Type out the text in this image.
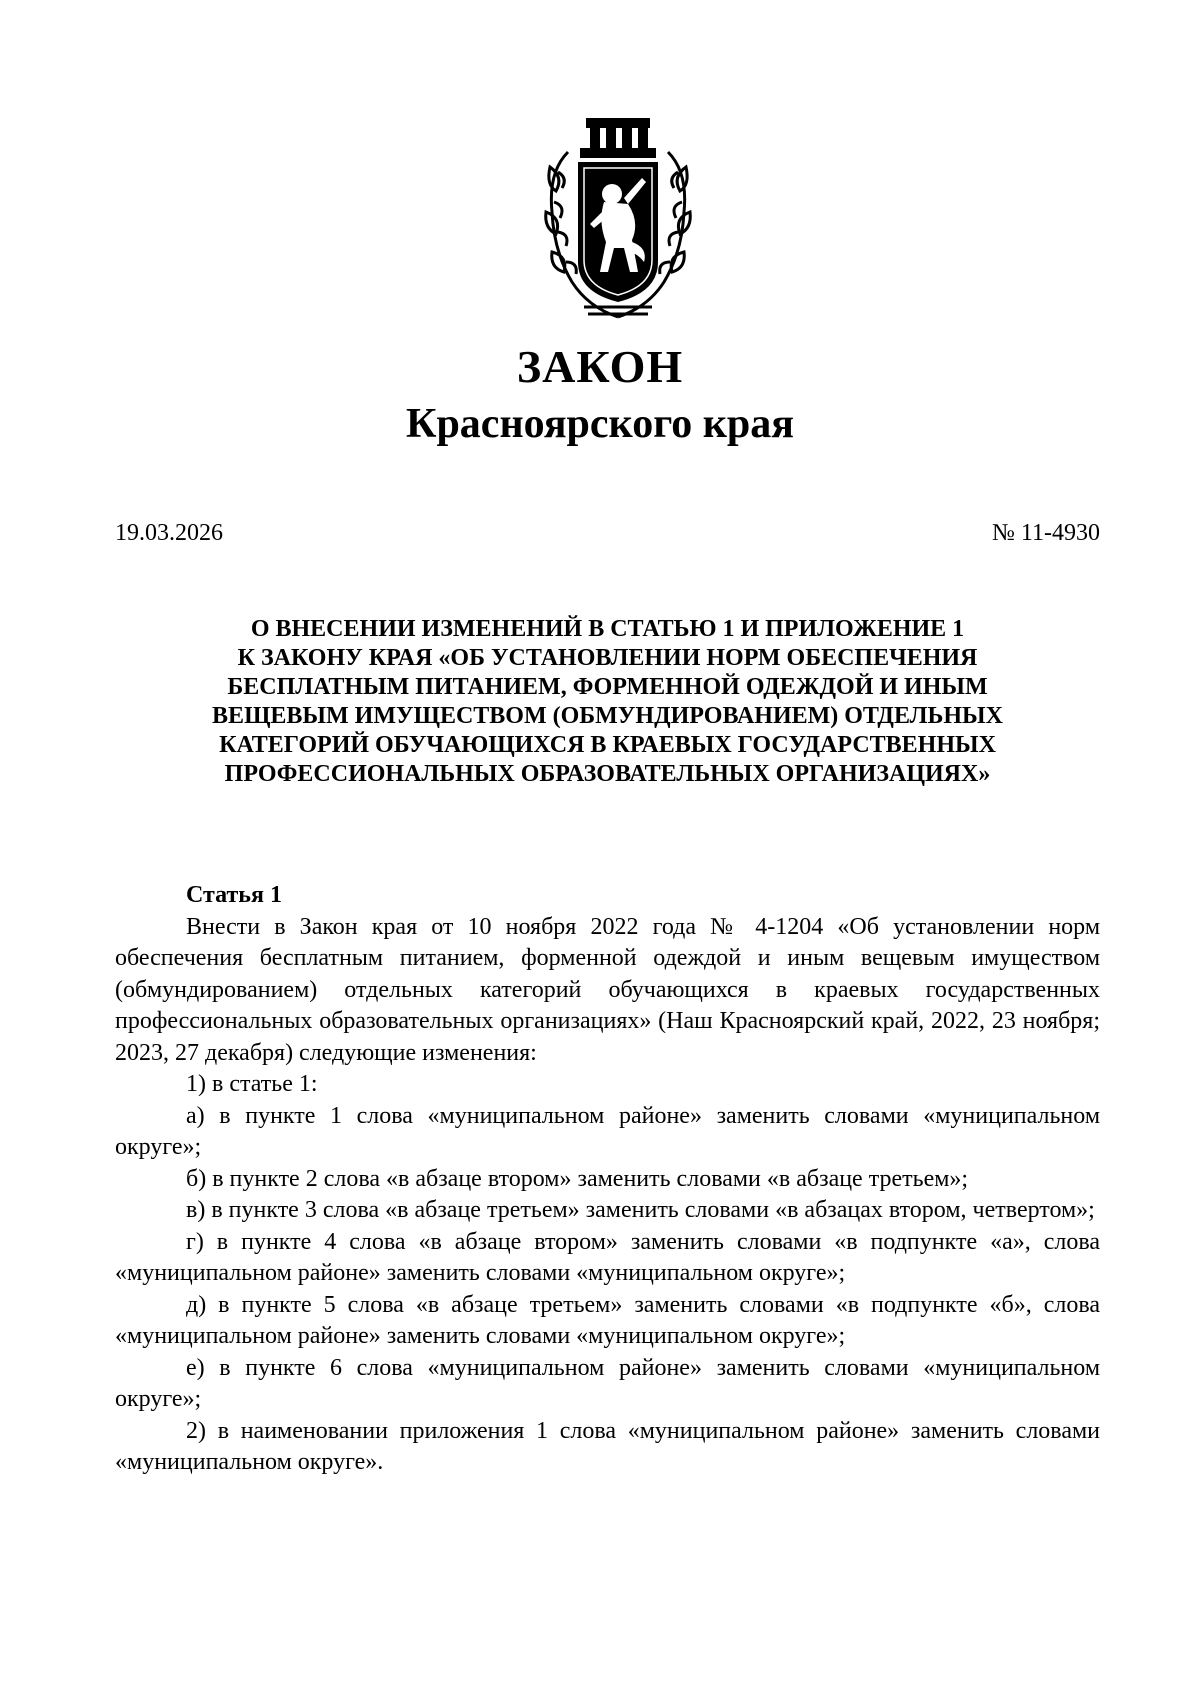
ЗАКОН
Красноярского края
19.03.2026	№ 11-4930
О ВНЕСЕНИИ ИЗМЕНЕНИЙ В СТАТЬЮ 1 И ПРИЛОЖЕНИЕ 1
К ЗАКОНУ КРАЯ «ОБ УСТАНОВЛЕНИИ НОРМ ОБЕСПЕЧЕНИЯ
БЕСПЛАТНЫМ ПИТАНИЕМ, ФОРМЕННОЙ ОДЕЖДОЙ И ИНЫМ
ВЕЩЕВЫМ ИМУЩЕСТВОМ (ОБМУНДИРОВАНИЕМ) ОТДЕЛЬНЫХ
КАТЕГОРИЙ ОБУЧАЮЩИХСЯ В КРАЕВЫХ ГОСУДАРСТВЕННЫХ
ПРОФЕССИОНАЛЬНЫХ ОБРАЗОВАТЕЛЬНЫХ ОРГАНИЗАЦИЯХ»
Статья 1

Внести в Закон края от 10 ноября 2022 года № 4-1204 «Об установлении норм обеспечения бесплатным питанием, форменной одеждой и иным вещевым имуществом (обмундированием) отдельных категорий обучающихся в краевых государственных профессиональных образовательных организациях» (Наш Красноярский край, 2022, 23 ноября; 2023, 27 декабря) следующие изменения:

1) в статье 1:

а) в пункте 1 слова «муниципальном районе» заменить словами «муниципальном округе»;

б) в пункте 2 слова «в абзаце втором» заменить словами «в абзаце третьем»;

в) в пункте 3 слова «в абзаце третьем» заменить словами «в абзацах втором, четвертом»;

г) в пункте 4 слова «в абзаце втором» заменить словами «в подпункте «а», слова «муниципальном районе» заменить словами «муниципальном округе»;

д) в пункте 5 слова «в абзаце третьем» заменить словами «в подпункте «б», слова «муниципальном районе» заменить словами «муниципальном округе»;

е) в пункте 6 слова «муниципальном районе» заменить словами «муниципальном округе»;

2) в наименовании приложения 1 слова «муниципальном районе» заменить словами «муниципальном округе».
